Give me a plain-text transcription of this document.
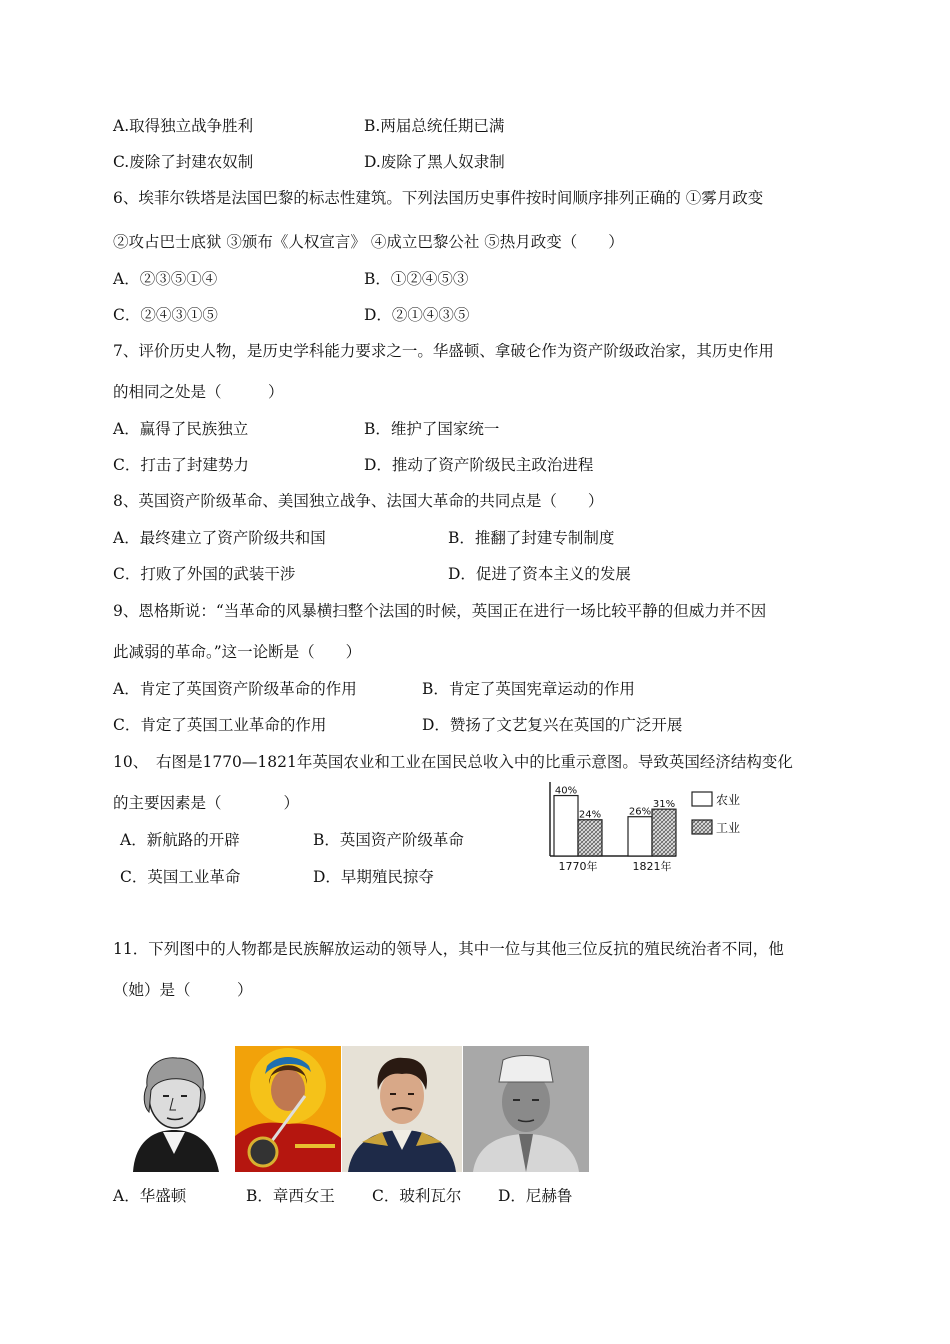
A.取得独立战争胜利	B.两届总统任期已满
C.废除了封建农奴制	D.废除了黑人奴隶制
6、埃菲尔铁塔是法国巴黎的标志性建筑。下列法国历史事件按时间顺序排列正确的 ①雾月政变
②攻占巴士底狱 ③颁布《人权宣言》 ④成立巴黎公社 ⑤热月政变（　　）
A．②③⑤①④	B．①②④⑤③
C．②④③①⑤	D．②①④③⑤
7、评价历史人物，是历史学科能力要求之一。华盛顿、拿破仑作为资产阶级政治家，其历史作用
的相同之处是（　　　）
A．赢得了民族独立	B．维护了国家统一
C．打击了封建势力	D．推动了资产阶级民主政治进程
8、英国资产阶级革命、美国独立战争、法国大革命的共同点是（　　）
A．最终建立了资产阶级共和国	B．推翻了封建专制制度
C．打败了外国的武装干涉	D．促进了资本主义的发展
9、恩格斯说：“当革命的风暴横扫整个法国的时候，英国正在进行一场比较平静的但威力并不因
此减弱的革命。”这一论断是（　　）
A．肯定了英国资产阶级革命的作用	B．肯定了英国宪章运动的作用
C．肯定了英国工业革命的作用	D．赞扬了文艺复兴在英国的广泛开展
10、　右图是1770—1821年英国农业和工业在国民总收入中的比重示意图。导致英国经济结构变化
的主要因素是（　　　　）
A．新航路的开辟	B．英国资产阶级革命
C．英国工业革命	D．早期殖民掠夺
40%
24%
1770年
26%
31%
1821年
农业
工业
11．下列图中的人物都是民族解放运动的领导人，其中一位与其他三位反抗的殖民统治者不同，他
（她）是（　　　）
A．华盛顿	B．章西女王 C．玻利瓦尔 D．尼赫鲁
